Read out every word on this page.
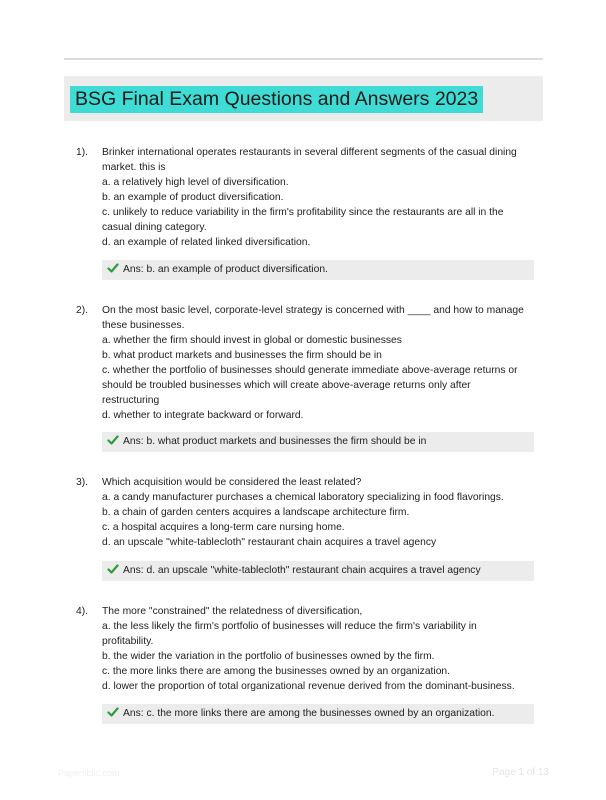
BSG Final Exam Questions and Answers 2023
1). Brinker international operates restaurants in several different segments of the casual dining
market. this is
a. a relatively high level of diversification.
b. an example of product diversification.
c. unlikely to reduce variability in the firm's profitability since the restaurants are all in the
casual dining category.
d. an example of related linked diversification.
Ans: b. an example of product diversification.
2). On the most basic level, corporate-level strategy is concerned with ____ and how to manage
these businesses.
a. whether the firm should invest in global or domestic businesses
b. what product markets and businesses the firm should be in
c. whether the portfolio of businesses should generate immediate above-average returns or
should be troubled businesses which will create above-average returns only after
restructuring
d. whether to integrate backward or forward.
Ans: b. what product markets and businesses the firm should be in
3). Which acquisition would be considered the least related?
a. a candy manufacturer purchases a chemical laboratory specializing in food flavorings.
b. a chain of garden centers acquires a landscape architecture firm.
c. a hospital acquires a long-term care nursing home.
d. an upscale "white-tablecloth" restaurant chain acquires a travel agency
Ans: d. an upscale "white-tablecloth" restaurant chain acquires a travel agency
4). The more "constrained" the relatedness of diversification,
a. the less likely the firm's portfolio of businesses will reduce the firm's variability in
profitability.
b. the wider the variation in the portfolio of businesses owned by the firm.
c. the more links there are among the businesses owned by an organization.
d. lower the proportion of total organizational revenue derived from the dominant-business.
Ans: c. the more links there are among the businesses owned by an organization.
Papertiblic.com	Page 1 of 13
